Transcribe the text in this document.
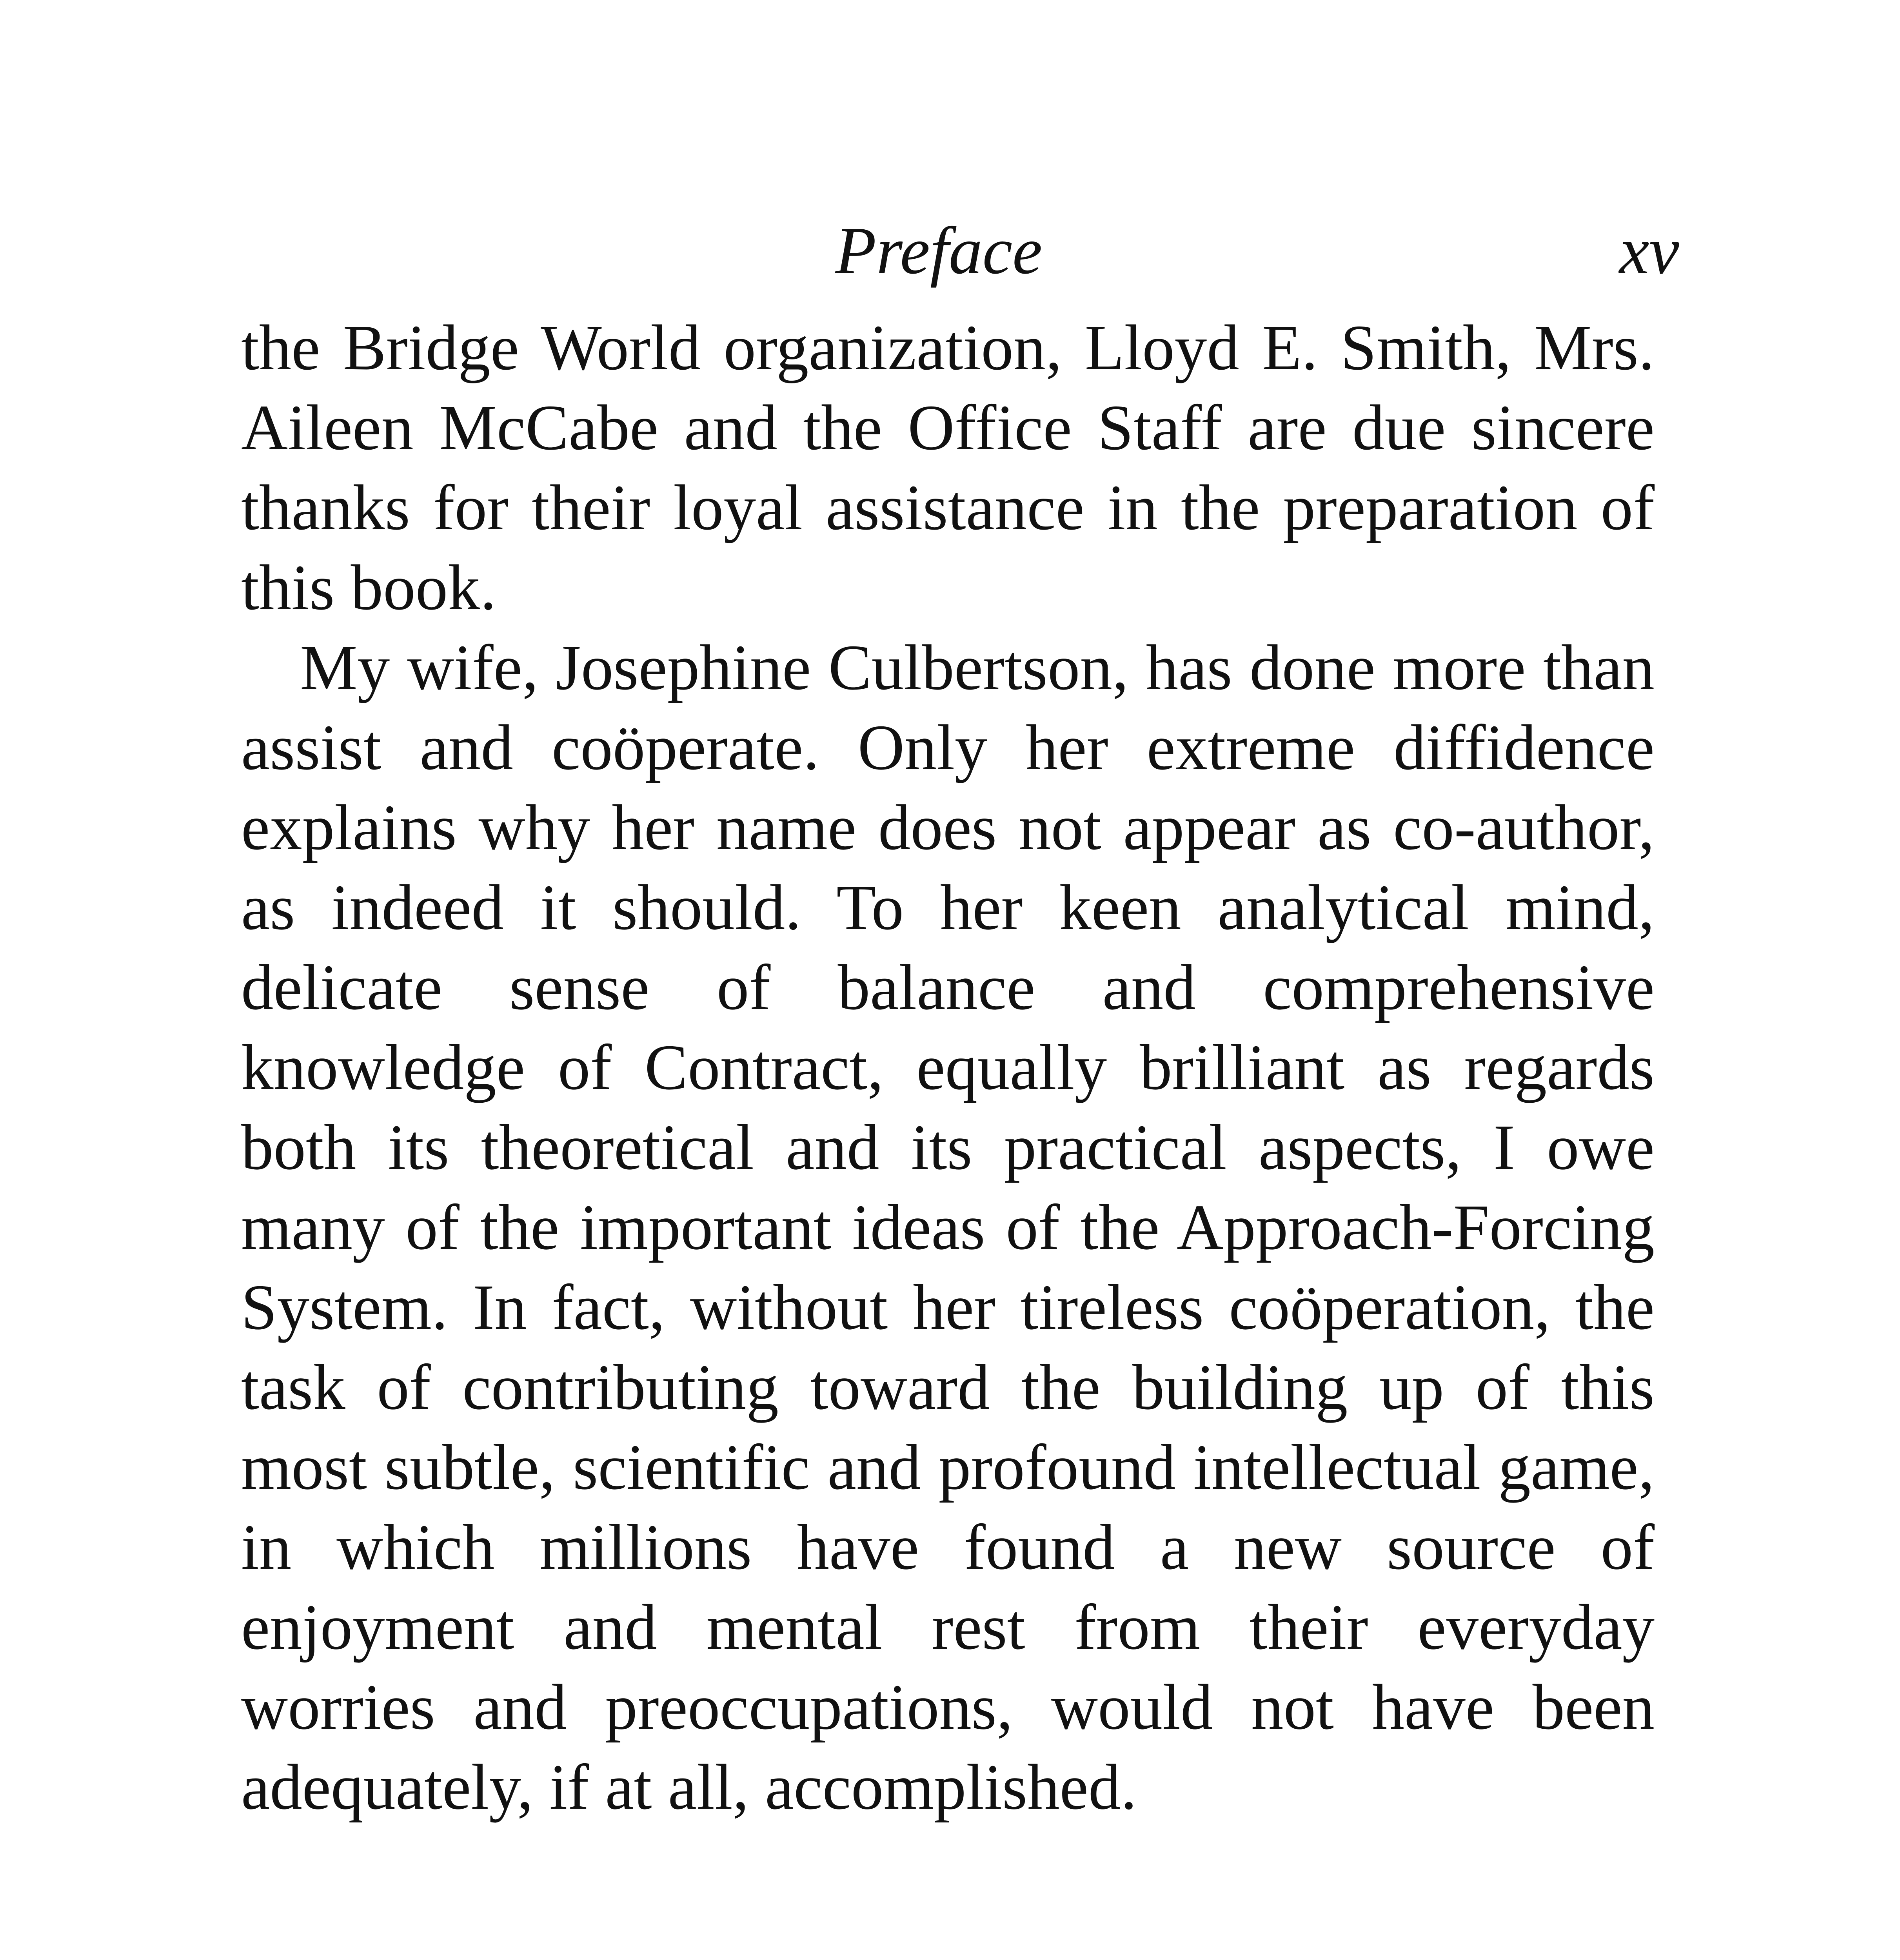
Preface	xv

the Bridge World organization, Lloyd E. Smith, Mrs. Aileen McCabe and the Office Staff are due sincere thanks for their loyal assistance in the preparation of this book.

My wife, Josephine Culbertson, has done more than assist and coöperate. Only her extreme diffidence explains why her name does not appear as co-author, as indeed it should. To her keen analytical mind, delicate sense of balance and comprehensive knowledge of Contract, equally brilliant as regards both its theoretical and its practical aspects, I owe many of the important ideas of the Approach-Forcing System. In fact, without her tireless coöperation, the task of contributing toward the building up of this most subtle, scientific and profound intellectual game, in which millions have found a new source of enjoyment and mental rest from their everyday worries and preoccupations, would not have been adequately, if at all, accomplished.
